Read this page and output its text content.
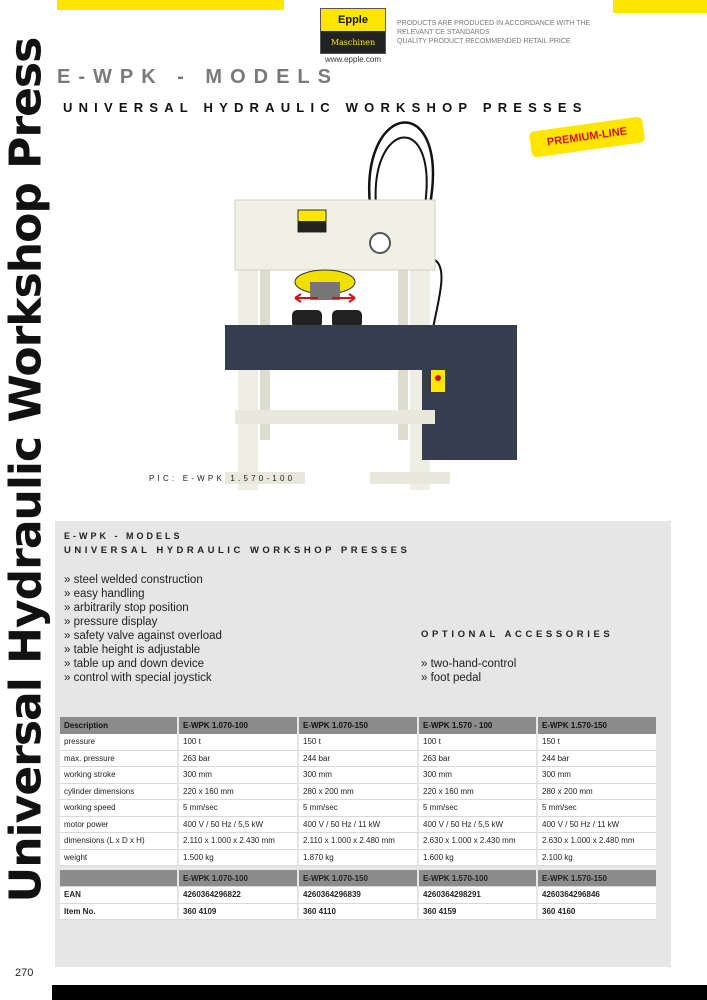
Epple
Maschinen
www.epple.com
PRODUCTS ARE PRODUCED IN ACCORDANCE WITH THE
RELEVANT CE STANDARDS
QUALITY PRODUCT RECOMMENDED RETAIL PRICE
E-WPK - MODELS
UNIVERSAL HYDRAULIC WORKSHOP PRESSES
Universal Hydraulic Workshop Press	PREMIUM-LINE
PIC: E-WPK 1.570-100
E-WPK - MODELS
UNIVERSAL HYDRAULIC WORKSHOP PRESSES
» steel welded construction
» easy handling
» arbitrarily stop position
» pressure display
» safety valve against overload
» table height is adjustable
» table up and down device
» control with special joystick
OPTIONAL ACCESSORIES
» two-hand-control
» foot pedal
Description	E-WPK 1.070-100	E-WPK 1.070-150	E-WPK 1.570 - 100	E-WPK 1.570-150
pressure	100 t	150 t	100 t	150 t
max. pressure	263 bar	244 bar	263 bar	244 bar
working stroke	300 mm	300 mm	300 mm	300 mm
cylinder dimensions	220 x 160 mm	280 x 200 mm	220 x 160 mm	280 x 200 mm
working speed	5 mm/sec	5 mm/sec	5 mm/sec	5 mm/sec
motor power	400 V / 50 Hz / 5,5 kW	400 V / 50 Hz / 11 kW	400 V / 50 Hz / 5,5 kW	400 V / 50 Hz / 11 kW
dimensions (L x D x H)	2.110 x 1.000 x 2.430 mm	2.110 x 1.000 x 2.480 mm	2.630 x 1.000 x 2.430 mm	2.630 x 1.000 x 2.480 mm
weight	1.500 kg	1.870 kg	1.600 kg	2.100 kg

	E-WPK 1.070-100	E-WPK 1.070-150	E-WPK 1.570-100	E-WPK 1.570-150
EAN	4260364296822	4260364296839	4260364298291	4260364296846
Item No.	360 4109	360 4110	360 4159	360 4160
270
